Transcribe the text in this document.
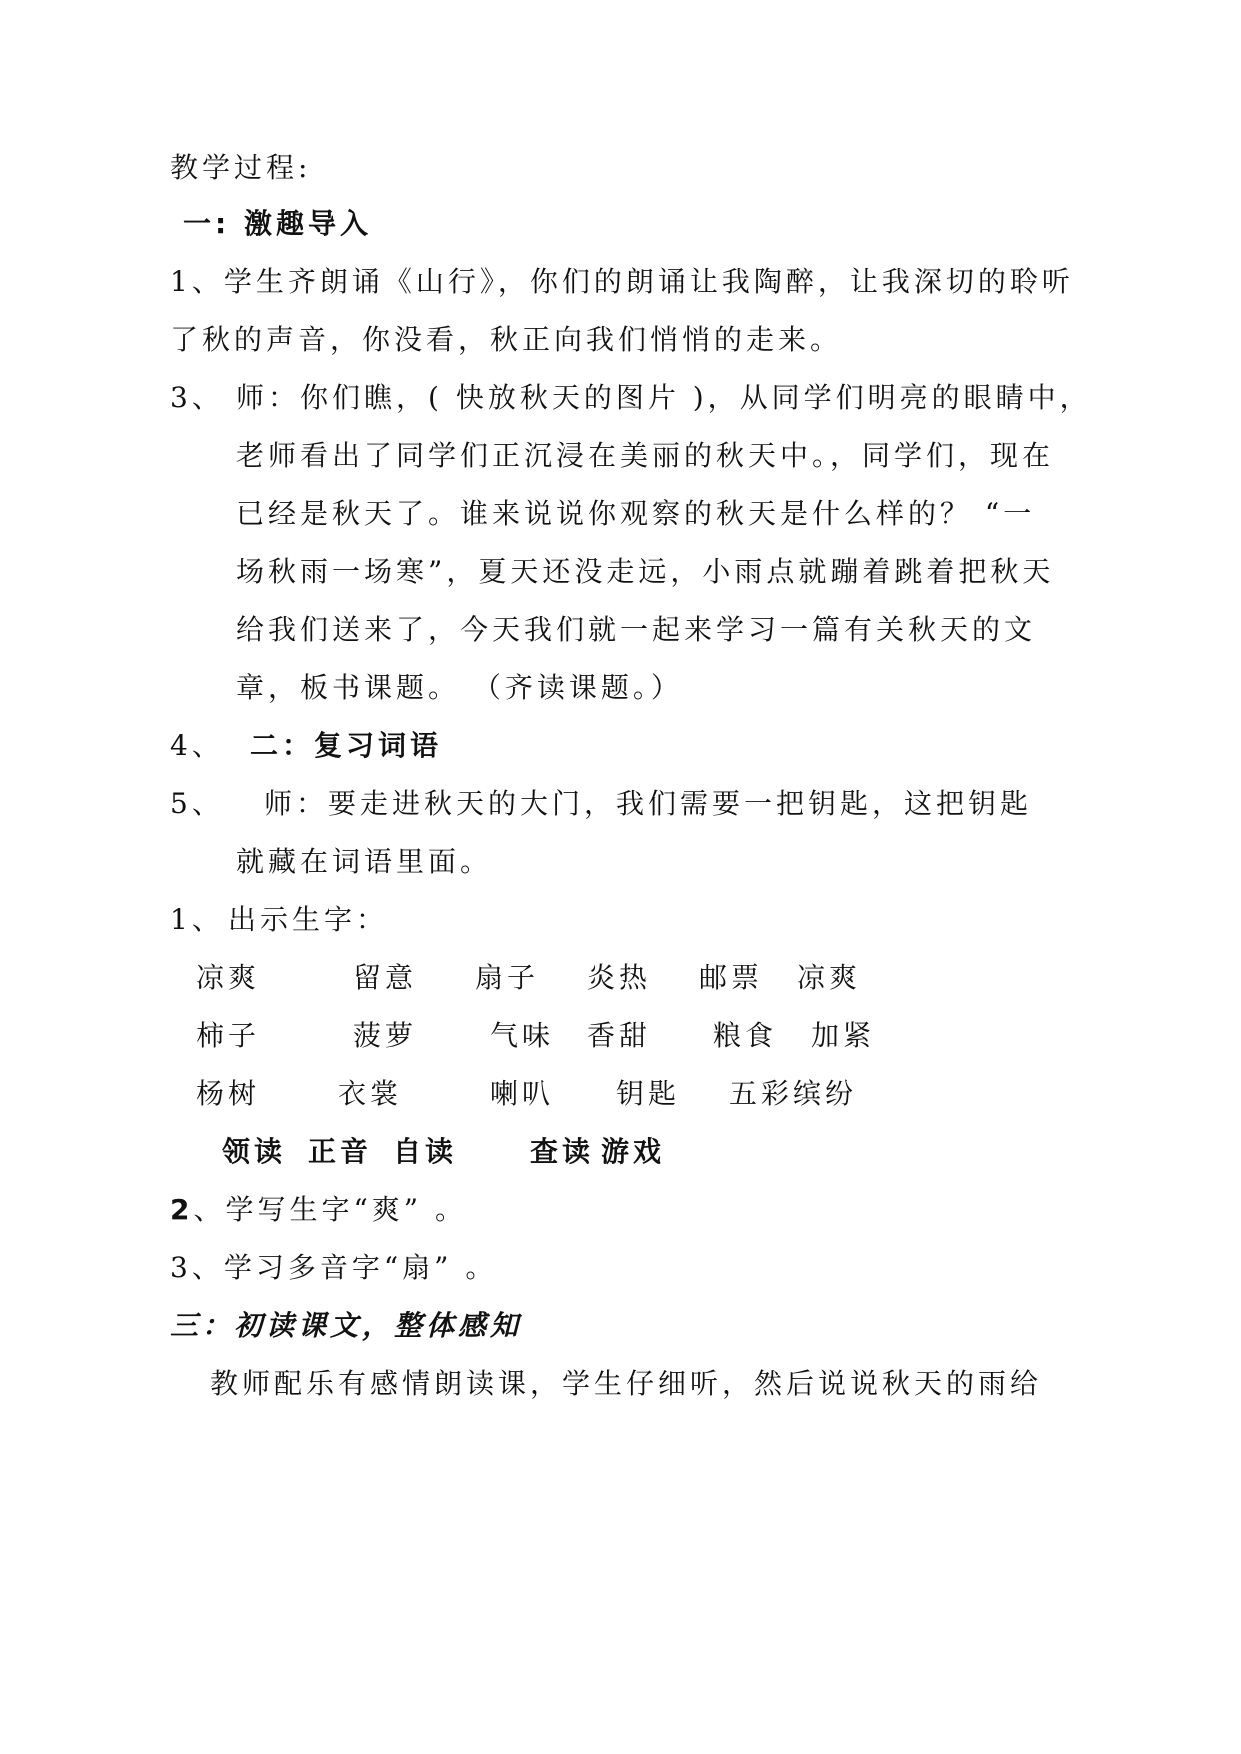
教学过程:
一: 激趣导入
1、学生齐朗诵《山行》，你们的朗诵让我陶醉，让我深切的聆听
了秋的声音，你没看，秋正向我们悄悄的走来。
3、 师：你们瞧，( 快放秋天的图片 )，从同学们明亮的眼睛中，
老师看出了同学们正沉浸在美丽的秋天中。，同学们，现在
已经是秋天了。谁来说说你观察的秋天是什么样的？ “一
场秋雨一场寒”，夏天还没走远，小雨点就蹦着跳着把秋天
给我们送来了，今天我们就一起来学习一篇有关秋天的文
章，板书课题。 （齐读课题。）
4、 二：复习词语
5、 师：要走进秋天的大门，我们需要一把钥匙，这把钥匙
就藏在词语里面。
1、 出示生字：
凉爽	留意 扇子 炎热 邮票 凉爽
柿子	菠萝	气味 香甜 粮食 加紧
杨树	衣裳	喇叭 钥匙 五彩缤纷
领读 正音 自读	查读 游戏
2、学写生字“爽” 。
3、学习多音字“扇” 。
三：初读课文，整体感知
教师配乐有感情朗读课，学生仔细听，然后说说秋天的雨给
